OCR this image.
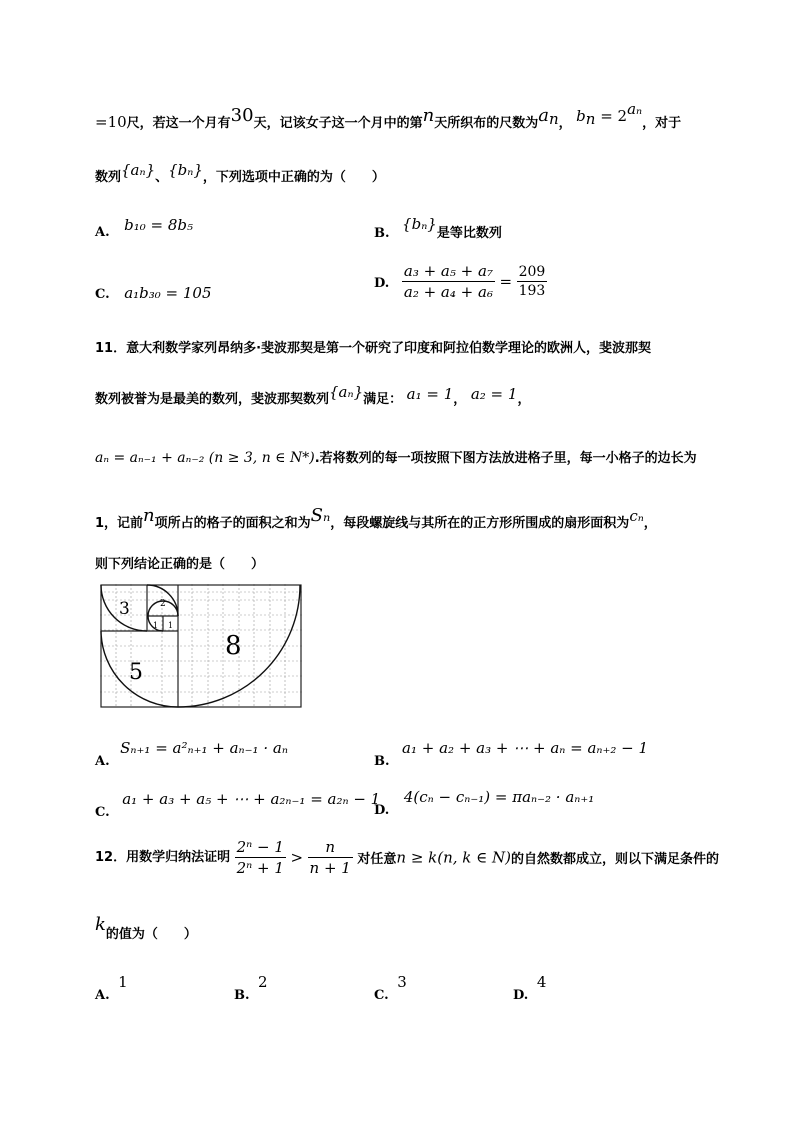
=10尺，若这一个月有30天，记该女子这一个月中的第n天所织布的尺数为$a_n$， $b_n = 2^{a_n}$，对于
数列{aₙ}、{bₙ}，下列选项中正确的为（　　）
A. b₁₀ = 8b₅	B. {bₙ}是等比数列
C. a₁b₃₀ = 105
D. $\frac{\text{a₃ + a₅ + a₇}}{\text{a₂ + a₄ + a₆}} = \frac{209}{193}$
11．意大利数学家列昂纳多·斐波那契是第一个研究了印度和阿拉伯数学理论的欧洲人，斐波那契
数列被誉为是最美的数列，斐波那契数列{aₙ}满足： a₁ = 1， a₂ = 1，
aₙ = aₙ₋₁ + aₙ₋₂ (n ≥ 3, n ∈ N*).若将数列的每一项按照下图方法放进格子里，每一小格子的边长为
1，记前n项所占的格子的面积之和为Sₙ，每段螺旋线与其所在的正方形所围成的扇形面积为cₙ，
则下列结论正确的是（　　）
3	2
1 1
8
5
A. Sₙ₊₁ = a²ₙ₊₁ + aₙ₋₁ · aₙ
B. a₁ + a₂ + a₃ + ⋯ + aₙ = aₙ₊₂ − 1
C. a₁ + a₃ + a₅ + ⋯ + a₂ₙ₋₁ = a₂ₙ − 1
D. 4(cₙ − cₙ₋₁) = πaₙ₋₂ · aₙ₊₁
12．用数学归纳法证明 $\frac{\text{2ⁿ − 1}}{\text{2ⁿ + 1}} > \frac{n}{n + 1}$ 对任意n ≥ k(n, k ∈ N)的自然数都成立，则以下满足条件的
k的值为（　　）
A. 1
B. 2
C. 3
D. 4
